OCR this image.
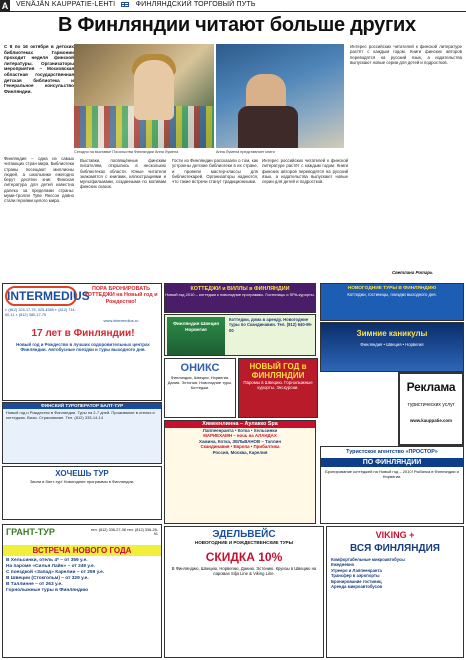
А VENÄJÄN KAUPPATIE-LEHTI	ФИНЛЯНДСКИЙ ТОРГОВЫЙ ПУТЬ
В Финляндии читают больше других
С 8 по 16 октября в детских библиотеках Гармонии проходит неделя финской литературы. Организаторы мероприятия – Московская областная государственная детская библиотека и Генеральное консульство Финляндии.
Сегодня на выставке Посольства Финляндии Анна Лумела	Анна Лумела представляет книги
Финляндия – одна из самых читающих стран мира. Библиотеки страны посещают миллионы людей, а школьники ежегодно берут десятки книг. Финская литература для детей известна далеко за пределами страны: муми-тролли Туве Янссон давно стали героями целого мира.
Выставки, посвящённые финским писателям, открылись в нескольких библиотеках области. Юные читатели знакомятся с книгами, иллюстрациями и мультфильмами, созданными по мотивам финских сказок.
Гости из Финляндии рассказали о том, как устроены детские библиотеки в их стране, и провели мастер-классы для библиотекарей. Организаторы надеются, что такие встречи станут традиционными.
Интерес российских читателей к финской литературе растёт с каждым годом. Книги финских авторов переводятся на русский язык, а издательства выпускают новые серии для детей и подростков.
Интерес российских читателей к финской литературе растёт с каждым годом. Книги финских авторов переводятся на русский язык, а издательства выпускают новые серии для детей и подростков.
Светлана Ротарь
INTERMEDIUS ПОРА БРОНИРОВАТЬ КОТТЕДЖИ на Новый год и Рождество!
т. (812) 325-17-75, 325-4585 т. (812) 714-60-11 т. (812) 380-17-75
www.intermedius.ru
17 лет в Финляндии!
Новый год и Рождество в лучших оздоровительных центрах Финляндии. Автобусные поездки и туры выходного дня.
КОТТЕДЖИ и ВИЛЛЫ в ФИНЛЯНДИИ
Новый год 2010 – коттеджи к новогодние программы. Гостиницы и SPA-курорты.
Финляндия Швеция Норвегия
Коттеджи, дома в аренду. Новогодние туры по Скандинавии. Тел. (812) 640-99-00
ОНИКС
Финляндия, Швеция, Норвегия. Дания. Эстония. Новогодние туры. Коттеджи.
НОВЫЙ ГОД в ФИНЛЯНДИИ
Паромы в Швецию. Горнолыжные курорты. Экскурсии.
НОВОГОДНИЕ ТУРЫ В ФИНЛЯНДИЮ
Коттеджи, гостиницы, поездки выходного дня.
Зимние каникулы
Финляндия • Швеция • Норвегия
Реклама
туристических услуг
www.kauppatie.com
ФИНСКИЙ ТУРОПЕРАТОР БАЛТ-ТУР
Новый год и Рождество в Финляндии. Туры на 2-7 дней. Проживание в отелях и коттеджах. Визы. Страхование. Тел. (812) 333-14-14
ХОЧЕШЬ ТУР
Звони в балт-тур! Новогодние программы в Финляндии.
Хямеенлинна – Аулакко Spa
Лаппеенранта • Котка • Хельсинки
МАРИЕХАМН – ночь на АЛАНДАХ
Хамина, Котка, ЗЕЛЬВАНОВ – Таллин
Скандинавия • Европа • Прибалтика
Россия, Москва, Карелия	Туристское агентство «ПРОСТОР»
ПО ФИНЛЯНДИИ
Бронирование коттеджей на Новый год – 2010! Рыбалка в Финляндии и Норвегии.
ГРАНТ-ТУР	тел. (812) 336-27-08 тел. (812) 336-28-91
ВСТРЕЧА НОВОГО ГОДА
В Хельсинки, отель 4* – от 359 у.е.
На пароме «Силья Лайн» – от 249 у.е.
С поездкой «Запад» Карелии – от 259 у.е.
В Швеции (Стокгольм) – от 329 у.е.
В Таллинне – от 263 у.е.
Горнолыжные туры в Финляндию
ЭДЕЛЬВЕЙС
НОВОГОДНИЕ И РОЖДЕСТВЕНСКИЕ ТУРЫ
СКИДКА 10%
В Финляндию, Швецию, Норвегию, Данию, Эстонию. Круизы в Швецию на паромах Silja Line & Viking Line.
VIKING +
ВСЯ ФИНЛЯНДИЯ
Комфортабельные микроавтобусы
Ежедневно
Угрееро и Лаппеенранта
Трансфер в аэропорты
Бронирование гостиниц
Аренда микроавтобусов
